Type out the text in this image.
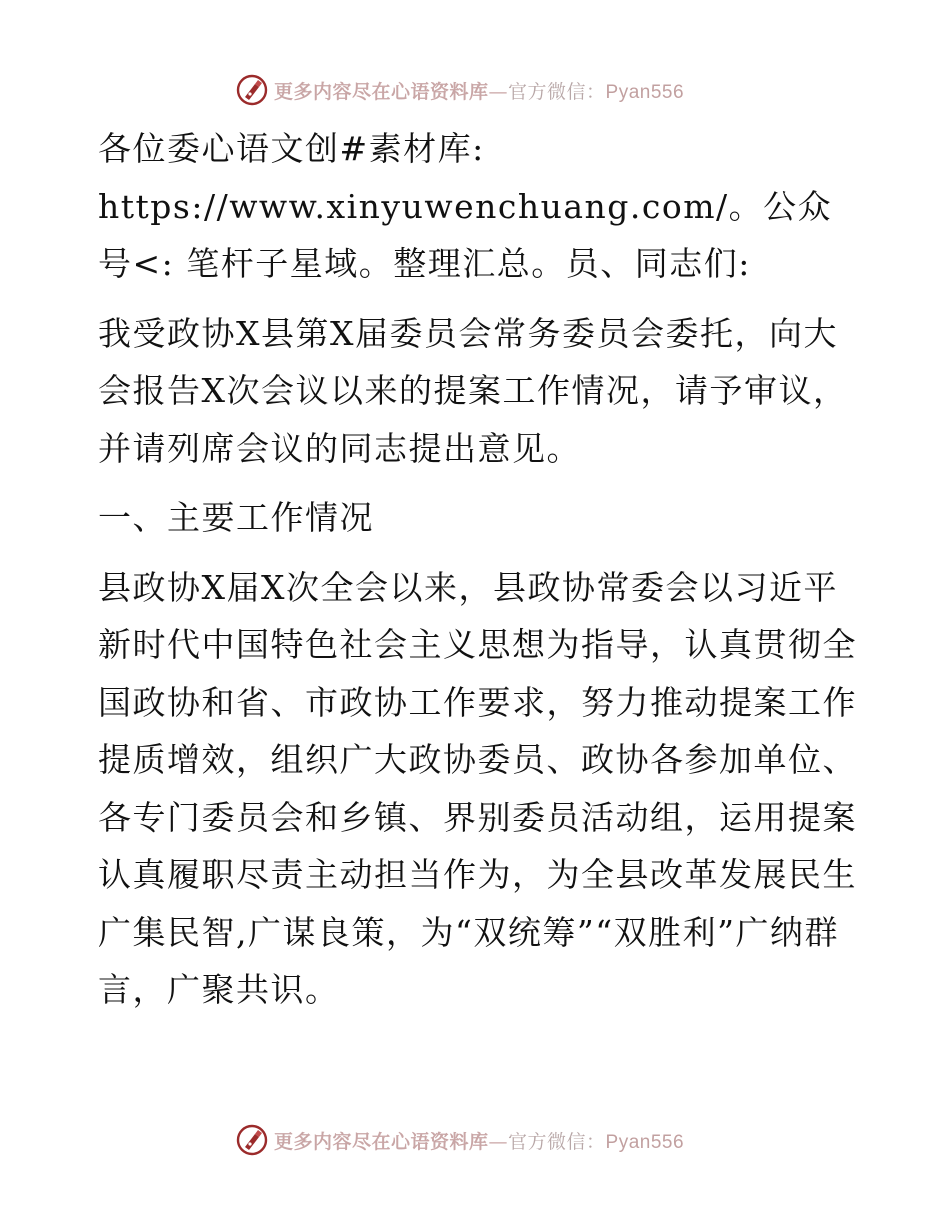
更多内容尽在心语资料库—官方微信：Pyan556

各位委心语文创#素材库: https://www.xinyuwenchuang.com/。公众号<: 笔杆子星域。整理汇总。员、同志们:

我受政协X县第X届委员会常务委员会委托，向大会报告X次会议以来的提案工作情况，请予审议，并请列席会议的同志提出意见。

一、主要工作情况

县政协X届X次全会以来，县政协常委会以习近平新时代中国特色社会主义思想为指导，认真贯彻全国政协和省、市政协工作要求，努力推动提案工作提质增效，组织广大政协委员、政协各参加单位、各专门委员会和乡镇、界别委员活动组，运用提案认真履职尽责主动担当作为，为全县改革发展民生广集民智,广谋良策，为“双统筹”“双胜利”广纳群言，广聚共识。

更多内容尽在心语资料库—官方微信：Pyan556
